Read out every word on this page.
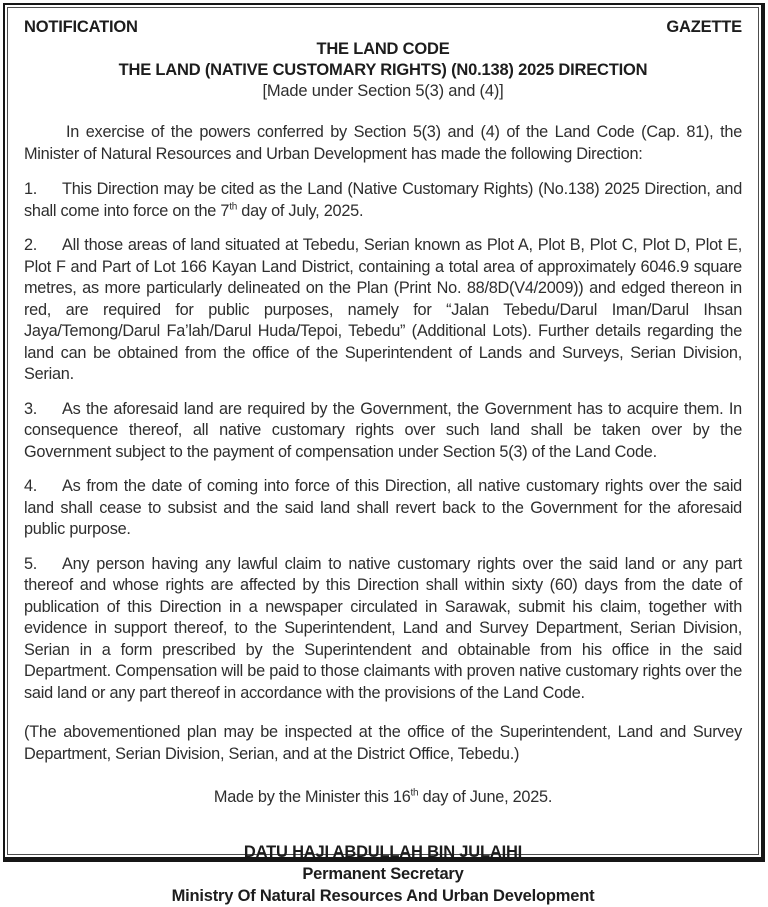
NOTIFICATION	GAZETTE
THE LAND CODE
THE LAND (NATIVE CUSTOMARY RIGHTS) (N0.138) 2025 DIRECTION
[Made under Section 5(3) and (4)]

In exercise of the powers conferred by Section 5(3) and (4) of the Land Code (Cap. 81), the Minister of Natural Resources and Urban Development has made the following Direction:

1. This Direction may be cited as the Land (Native Customary Rights) (No.138) 2025 Direction, and shall come into force on the 7th day of July, 2025.

2. All those areas of land situated at Tebedu, Serian known as Plot A, Plot B, Plot C, Plot D, Plot E, Plot F and Part of Lot 166 Kayan Land District, containing a total area of approximately 6046.9 square metres, as more particularly delineated on the Plan (Print No. 88/8D(V4/2009)) and edged thereon in red, are required for public purposes, namely for “Jalan Tebedu/Darul Iman/Darul Ihsan Jaya/Temong/Darul Fa’lah/Darul Huda/Tepoi, Tebedu” (Additional Lots). Further details regarding the land can be obtained from the office of the Superintendent of Lands and Surveys, Serian Division, Serian.

3. As the aforesaid land are required by the Government, the Government has to acquire them. In consequence thereof, all native customary rights over such land shall be taken over by the Government subject to the payment of compensation under Section 5(3) of the Land Code.

4. As from the date of coming into force of this Direction, all native customary rights over the said land shall cease to subsist and the said land shall revert back to the Government for the aforesaid public purpose.

5. Any person having any lawful claim to native customary rights over the said land or any part thereof and whose rights are affected by this Direction shall within sixty (60) days from the date of publication of this Direction in a newspaper circulated in Sarawak, submit his claim, together with evidence in support thereof, to the Superintendent, Land and Survey Department, Serian Division, Serian in a form prescribed by the Superintendent and obtainable from his office in the said Department. Compensation will be paid to those claimants with proven native customary rights over the said land or any part thereof in accordance with the provisions of the Land Code.

(The abovementioned plan may be inspected at the office of the Superintendent, Land and Survey Department, Serian Division, Serian, and at the District Office, Tebedu.)

Made by the Minister this 16th day of June, 2025.

DATU HAJI ABDULLAH BIN JULAIHI
Permanent Secretary
Ministry Of Natural Resources And Urban Development
